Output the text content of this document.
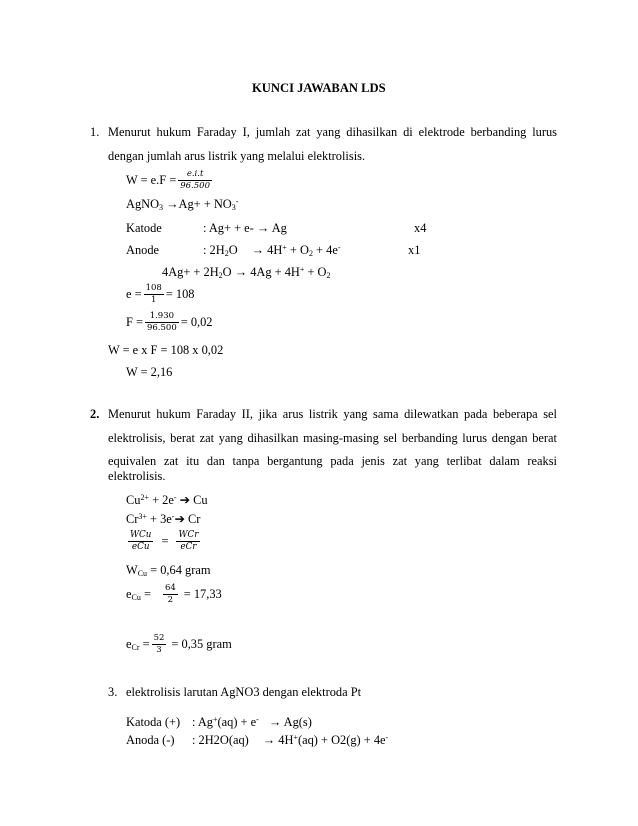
KUNCI JAWABAN LDS
1. Menurut hukum Faraday I, jumlah zat yang dihasilkan di elektrode berbanding lurus
dengan jumlah arus listrik yang melalui elektrolisis.
$W = e.F = \frac{e.i.t}{96.500}$
AgNO$_3$ $\to Ag+ + NO_3^-$
Katode	: Ag+ + e- → Ag	x4
Anode	: $2H_2O \to 4H^+ + O_2 + 4e^-$	x1
$4Ag+ + 2H_2O \to 4Ag + 4H^+ + O_2$
$e = \frac{108}{1} = 108$
$F = \frac{1.930}{96.500} = 0,02$
W = e x F = 108 x 0,02
W = 2,16
2. Menurut hukum Faraday II, jika arus listrik yang sama dilewatkan pada beberapa sel
elektrolisis, berat zat yang dihasilkan masing-masing sel berbanding lurus dengan berat
equivalen zat itu dan tanpa bergantung pada jenis zat yang terlibat dalam reaksi
elektrolisis.
$Cu^{2+} + 2e^-$ ➔ Cu
$Cr^{3+}$ + 3e-➔ Cr
$\frac{\text{WCu}}{\text{eCu}} = \frac{\text{WCr}}{\text{eCr}}$
$W_{Cu} = 0,64$ gram
$e_{Cu} = \frac{64}{2} = 17,33$
$e_{Cr} = \frac{52}{3} = 0,35$ gram
3. elektrolisis larutan AgNO3 dengan elektroda Pt
Katoda (+) : Ag+(aq) + e- → Ag(s)
Anoda (-) : 2H2O(aq) → 4H+(aq) + O2(g) + 4e-
